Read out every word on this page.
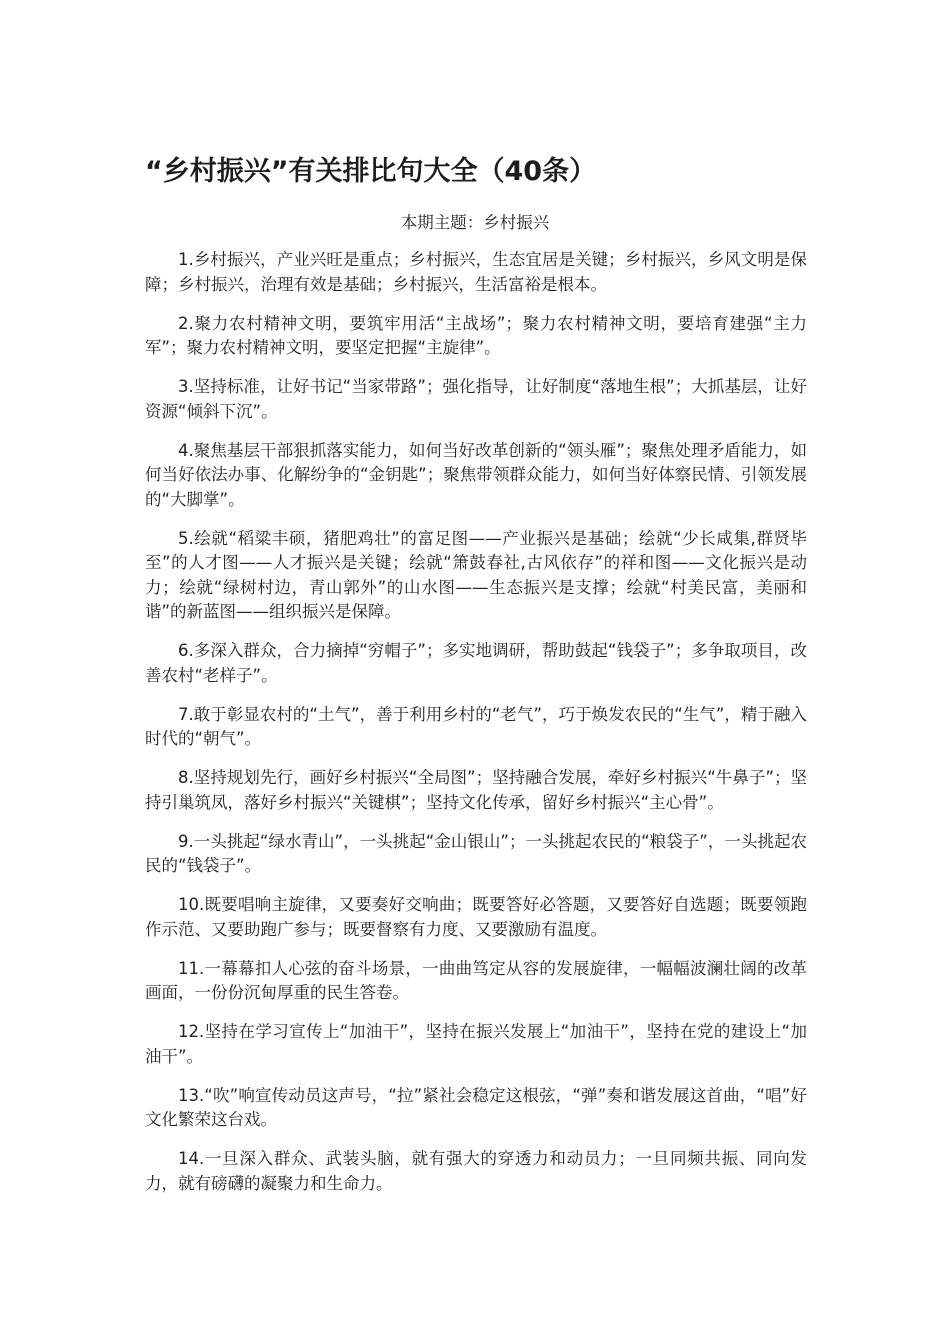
“乡村振兴”有关排比句大全（40条）

本期主题：乡村振兴

1.乡村振兴，产业兴旺是重点；乡村振兴，生态宜居是关键；乡村振兴，乡风文明是保障；乡村振兴，治理有效是基础；乡村振兴，生活富裕是根本。

2.聚力农村精神文明，要筑牢用活“主战场”；聚力农村精神文明，要培育建强“主力军”；聚力农村精神文明，要坚定把握“主旋律”。

3.坚持标准，让好书记“当家带路”；强化指导，让好制度“落地生根”；大抓基层，让好资源“倾斜下沉”。

4.聚焦基层干部狠抓落实能力，如何当好改革创新的“领头雁”；聚焦处理矛盾能力，如何当好依法办事、化解纷争的“金钥匙”；聚焦带领群众能力，如何当好体察民情、引领发展的“大脚掌”。

5.绘就“稻粱丰硕，猪肥鸡壮”的富足图——产业振兴是基础；绘就“少长咸集,群贤毕至”的人才图——人才振兴是关键；绘就“箫鼓春社,古风依存”的祥和图——文化振兴是动力；绘就“绿树村边，青山郭外”的山水图——生态振兴是支撑；绘就“村美民富，美丽和谐”的新蓝图——组织振兴是保障。

6.多深入群众，合力摘掉“穷帽子”；多实地调研，帮助鼓起“钱袋子”；多争取项目，改善农村“老样子”。

7.敢于彰显农村的“土气”，善于利用乡村的“老气”，巧于焕发农民的“生气”，精于融入时代的“朝气”。

8.坚持规划先行，画好乡村振兴“全局图”；坚持融合发展，牵好乡村振兴“牛鼻子”；坚持引巢筑凤，落好乡村振兴“关键棋”；坚持文化传承，留好乡村振兴“主心骨”。

9.一头挑起“绿水青山”，一头挑起“金山银山”；一头挑起农民的“粮袋子”，一头挑起农民的“钱袋子”。

10.既要唱响主旋律，又要奏好交响曲；既要答好必答题，又要答好自选题；既要领跑作示范、又要助跑广参与；既要督察有力度、又要激励有温度。

11.一幕幕扣人心弦的奋斗场景，一曲曲笃定从容的发展旋律，一幅幅波澜壮阔的改革画面，一份份沉甸厚重的民生答卷。

12.坚持在学习宣传上“加油干”，坚持在振兴发展上“加油干”，坚持在党的建设上“加油干”。

13.“吹”响宣传动员这声号，“拉”紧社会稳定这根弦，“弹”奏和谐发展这首曲，“唱”好文化繁荣这台戏。

14.一旦深入群众、武装头脑，就有强大的穿透力和动员力；一旦同频共振、同向发力，就有磅礴的凝聚力和生命力。
